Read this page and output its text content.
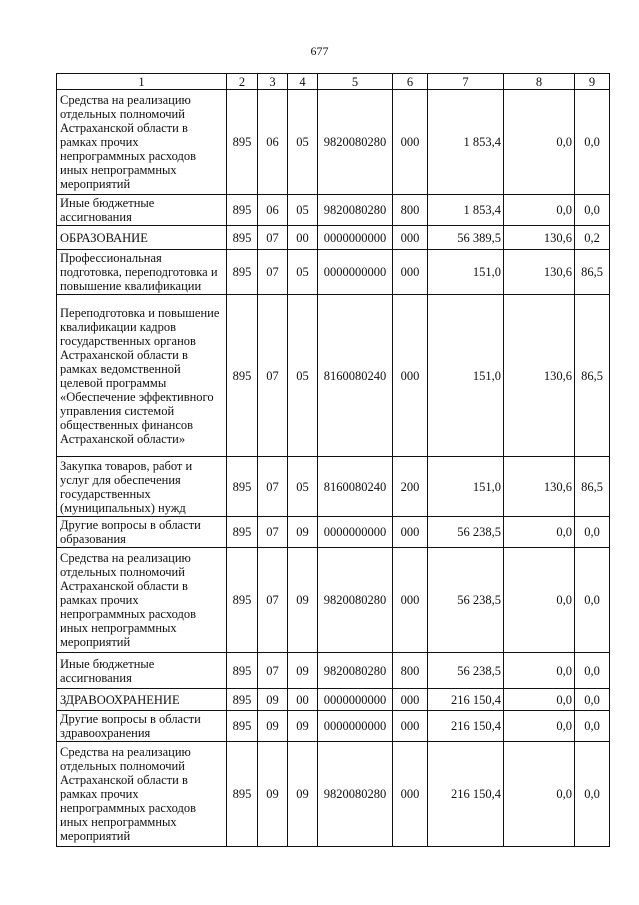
677
1	2	3	4	5	6	7	8	9
Средства на реализацию отдельных полномочий Астраханской области в рамках прочих непрограммных расходов иных непрограммных мероприятий	895	06	05	9820080280	000	1 853,4	0,0	0,0
Иные бюджетные ассигнования	895	06	05	9820080280	800	1 853,4	0,0	0,0
ОБРАЗОВАНИЕ	895	07	00	0000000000	000	56 389,5	130,6	0,2
Профессиональная подготовка, переподготовка и повышение квалификации	895	07	05	0000000000	000	151,0	130,6	86,5
Переподготовка и повышение квалификации кадров государственных органов Астраханской области в рамках ведомственной целевой программы «Обеспечение эффективного управления системой общественных финансов Астраханской области»	895	07	05	8160080240	000	151,0	130,6	86,5
Закупка товаров, работ и услуг для обеспечения государственных (муниципальных) нужд	895	07	05	8160080240	200	151,0	130,6	86,5
Другие вопросы в области образования	895	07	09	0000000000	000	56 238,5	0,0	0,0
Средства на реализацию отдельных полномочий Астраханской области в рамках прочих непрограммных расходов иных непрограммных мероприятий	895	07	09	9820080280	000	56 238,5	0,0	0,0
Иные бюджетные ассигнования	895	07	09	9820080280	800	56 238,5	0,0	0,0
ЗДРАВООХРАНЕНИЕ	895	09	00	0000000000	000	216 150,4	0,0	0,0
Другие вопросы в области здравоохранения	895	09	09	0000000000	000	216 150,4	0,0	0,0
Средства на реализацию отдельных полномочий Астраханской области в рамках прочих непрограммных расходов иных непрограммных мероприятий	895	09	09	9820080280	000	216 150,4	0,0	0,0
